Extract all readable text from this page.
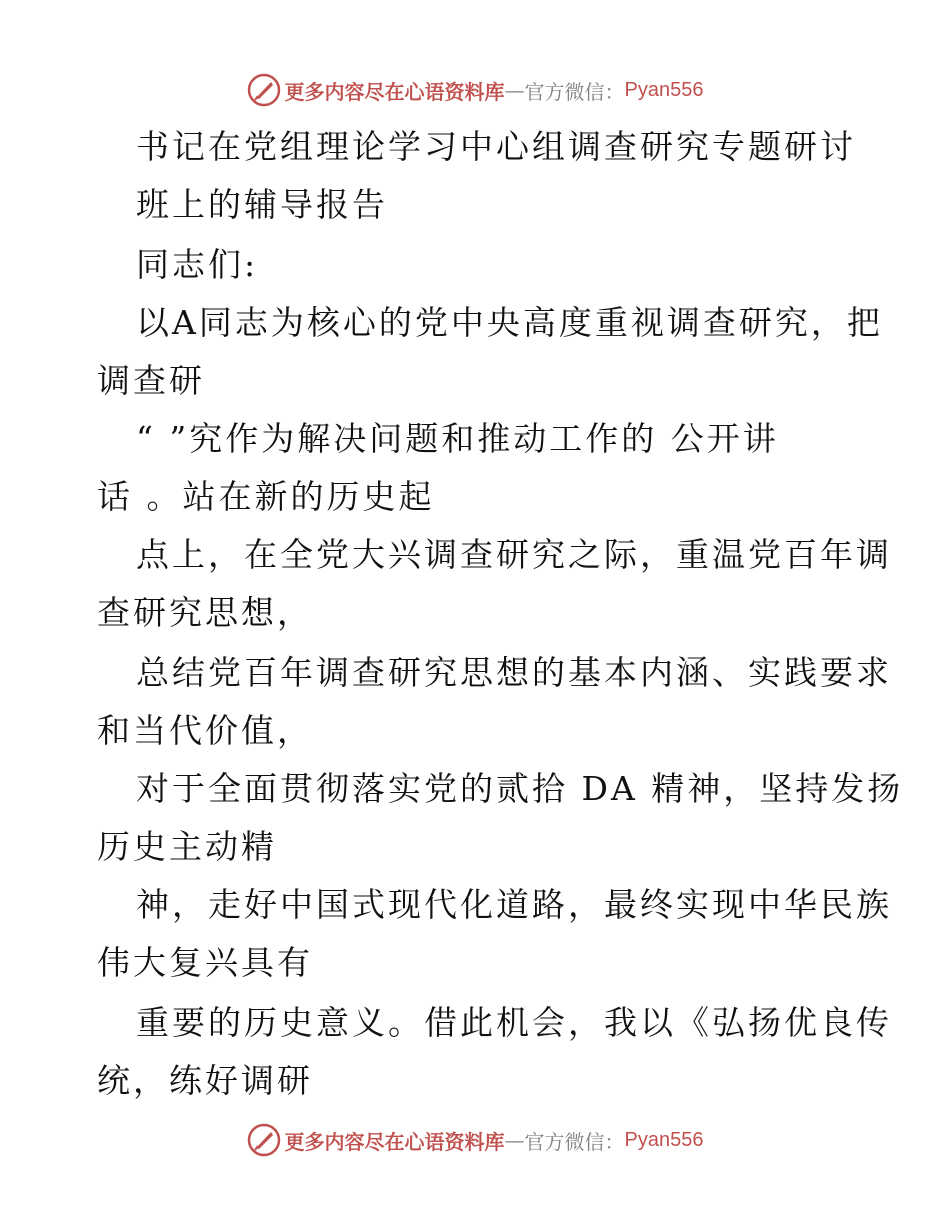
更多内容尽在心语资料库 — 官方微信： Pyan556
书记在党组理论学习中心组调查研究专题研讨
班上的辅导报告
同志们:
以A同志为核心的党中央高度重视调查研究，把
调查研
“ ”究作为解决问题和推动工作的 公开讲
话 。站在新的历史起
点上，在全党大兴调查研究之际，重温党百年调
查研究思想，
总结党百年调查研究思想的基本内涵、实践要求
和当代价值，
对于全面贯彻落实党的贰拾 DA 精神，坚持发扬
历史主动精
神，走好中国式现代化道路，最终实现中华民族
伟大复兴具有
重要的历史意义。借此机会，我以《弘扬优良传
统，练好调研
更多内容尽在心语资料库 — 官方微信： Pyan556
